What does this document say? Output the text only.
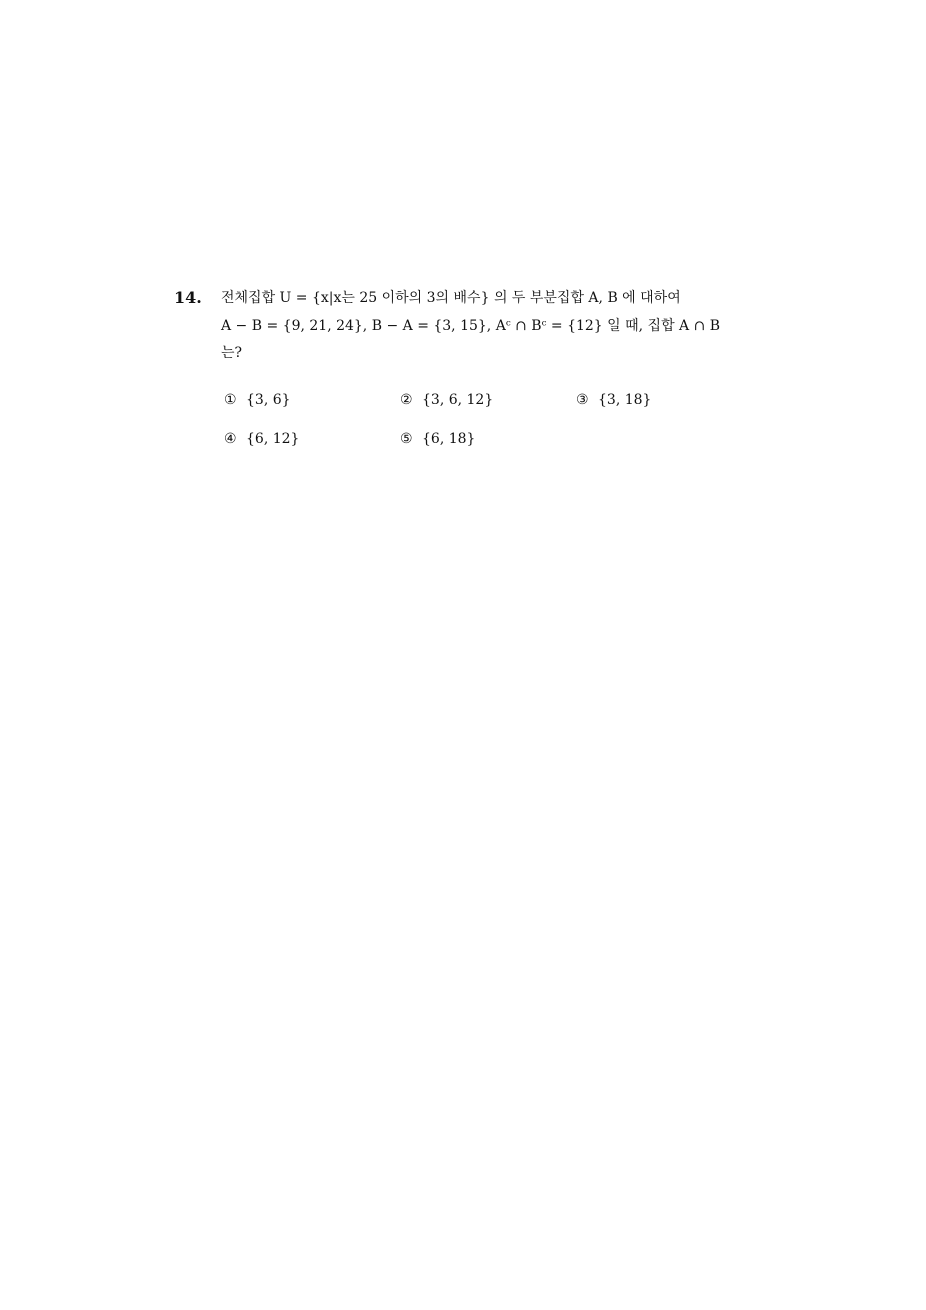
14. 전체집합 U = {x|x는 25 이하의 3의 배수} 의 두 부분집합 A, B 에 대하여
A − B = {9, 21, 24}, B − A = {3, 15}, Aᶜ ∩ Bᶜ = {12} 일 때, 집합 A ∩ B
는?
① {3, 6}	② {3, 6, 12}	③ {3, 18}
④ {6, 12}	⑤ {6, 18}
